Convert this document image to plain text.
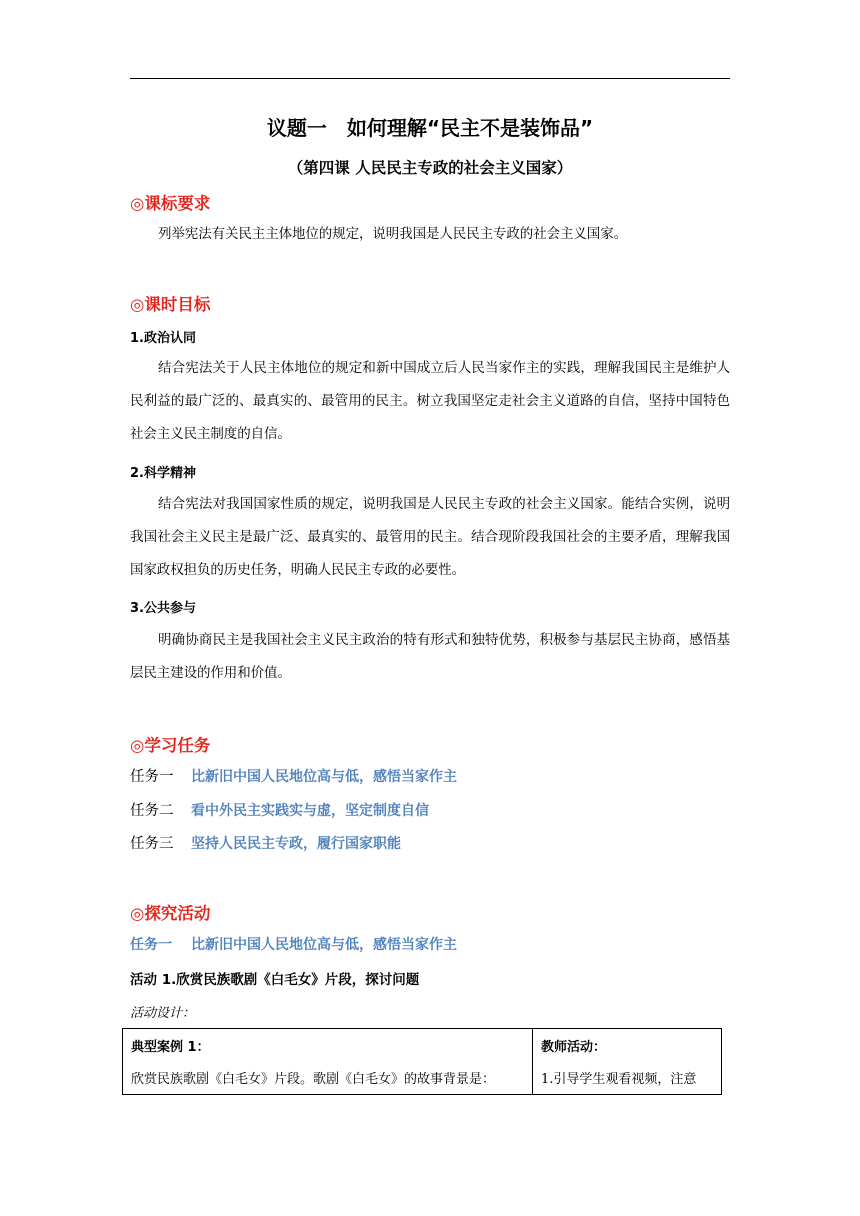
议题一　如何理解“民主不是装饰品”
（第四课 人民民主专政的社会主义国家）
◎课标要求
列举宪法有关民主主体地位的规定，说明我国是人民民主专政的社会主义国家。
◎课时目标
1.政治认同
结合宪法关于人民主体地位的规定和新中国成立后人民当家作主的实践，理解我国民主是维护人民利益的最广泛的、最真实的、最管用的民主。树立我国坚定走社会主义道路的自信，坚持中国特色社会主义民主制度的自信。
2.科学精神
结合宪法对我国国家性质的规定，说明我国是人民民主专政的社会主义国家。能结合实例，说明我国社会主义民主是最广泛、最真实的、最管用的民主。结合现阶段我国社会的主要矛盾，理解我国国家政权担负的历史任务，明确人民民主专政的必要性。
3.公共参与
明确协商民主是我国社会主义民主政治的特有形式和独特优势，积极参与基层民主协商，感悟基层民主建设的作用和价值。
◎学习任务
任务一 比新旧中国人民地位高与低，感悟当家作主
任务二 看中外民主实践实与虚，坚定制度自信
任务三 坚持人民民主专政，履行国家职能
◎探究活动
任务一 比新旧中国人民地位高与低，感悟当家作主
活动 1.欣赏民族歌剧《白毛女》片段，探讨问题
活动设计：
典型案例 1：	教师活动：
欣赏民族歌剧《白毛女》片段。歌剧《白毛女》的故事背景是：	1.引导学生观看视频，注意
